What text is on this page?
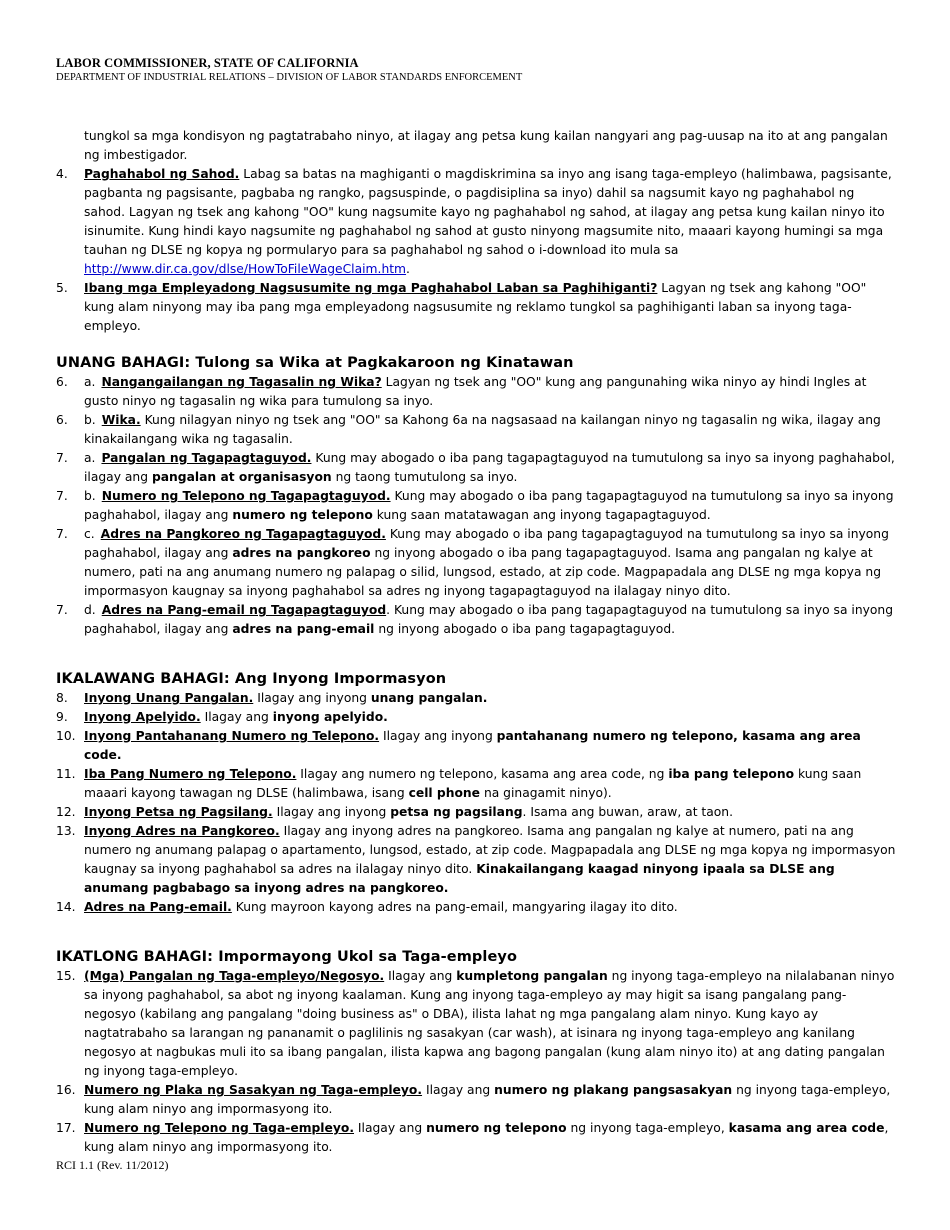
LABOR COMMISSIONER, STATE OF CALIFORNIA
DEPARTMENT OF INDUSTRIAL RELATIONS – DIVISION OF LABOR STANDARDS ENFORCEMENT
tungkol sa mga kondisyon ng pagtatrabaho ninyo, at ilagay ang petsa kung kailan nangyari ang pag-uusap na ito at ang pangalan ng imbestigador.
4.	Paghahabol ng Sahod. Labag sa batas na maghiganti o magdiskrimina sa inyo ang isang taga-empleyo (halimbawa, pagsisante, pagbanta ng pagsisante, pagbaba ng rangko, pagsuspinde, o pagdisiplina sa inyo) dahil sa nagsumit kayo ng paghahabol ng sahod. Lagyan ng tsek ang kahong "OO" kung nagsumite kayo ng paghahabol ng sahod, at ilagay ang petsa kung kailan ninyo ito isinumite. Kung hindi kayo nagsumite ng paghahabol ng sahod at gusto ninyong magsumite nito, maaari kayong humingi sa mga tauhan ng DLSE ng kopya ng pormularyo para sa paghahabol ng sahod o i-download ito mula sa http://www.dir.ca.gov/dlse/HowToFileWageClaim.htm.
5.	Ibang mga Empleyadong Nagsusumite ng mga Paghahabol Laban sa Paghihiganti? Lagyan ng tsek ang kahong "OO" kung alam ninyong may iba pang mga empleyadong nagsusumite ng reklamo tungkol sa paghihiganti laban sa inyong taga-empleyo.
UNANG BAHAGI: Tulong sa Wika at Pagkakaroon ng Kinatawan
6.	a. Nangangailangan ng Tagasalin ng Wika? Lagyan ng tsek ang "OO" kung ang pangunahing wika ninyo ay hindi Ingles at gusto ninyo ng tagasalin ng wika para tumulong sa inyo.
6.	b. Wika. Kung nilagyan ninyo ng tsek ang "OO" sa Kahong 6a na nagsasaad na kailangan ninyo ng tagasalin ng wika, ilagay ang kinakailangang wika ng tagasalin.
7.	a. Pangalan ng Tagapagtaguyod. Kung may abogado o iba pang tagapagtaguyod na tumutulong sa inyo sa inyong paghahabol, ilagay ang pangalan at organisasyon ng taong tumutulong sa inyo.
7.	b. Numero ng Telepono ng Tagapagtaguyod. Kung may abogado o iba pang tagapagtaguyod na tumutulong sa inyo sa inyong paghahabol, ilagay ang numero ng telepono kung saan matatawagan ang inyong tagapagtaguyod.
7.	c. Adres na Pangkoreo ng Tagapagtaguyod. Kung may abogado o iba pang tagapagtaguyod na tumutulong sa inyo sa inyong paghahabol, ilagay ang adres na pangkoreo ng inyong abogado o iba pang tagapagtaguyod. Isama ang pangalan ng kalye at numero, pati na ang anumang numero ng palapag o silid, lungsod, estado, at zip code. Magpapadala ang DLSE ng mga kopya ng impormasyon kaugnay sa inyong paghahabol sa adres ng inyong tagapagtaguyod na ilalagay ninyo dito.
7.	d. Adres na Pang-email ng Tagapagtaguyod. Kung may abogado o iba pang tagapagtaguyod na tumutulong sa inyo sa inyong paghahabol, ilagay ang adres na pang-email ng inyong abogado o iba pang tagapagtaguyod.
IKALAWANG BAHAGI: Ang Inyong Impormasyon
8.	Inyong Unang Pangalan. Ilagay ang inyong unang pangalan.
9.	Inyong Apelyido. Ilagay ang inyong apelyido.
10. Inyong Pantahanang Numero ng Telepono. Ilagay ang inyong pantahanang numero ng telepono, kasama ang area code.
11. Iba Pang Numero ng Telepono. Ilagay ang numero ng telepono, kasama ang area code, ng iba pang telepono kung saan maaari kayong tawagan ng DLSE (halimbawa, isang cell phone na ginagamit ninyo).
12. Inyong Petsa ng Pagsilang. Ilagay ang inyong petsa ng pagsilang. Isama ang buwan, araw, at taon.
13. Inyong Adres na Pangkoreo. Ilagay ang inyong adres na pangkoreo. Isama ang pangalan ng kalye at numero, pati na ang numero ng anumang palapag o apartamento, lungsod, estado, at zip code. Magpapadala ang DLSE ng mga kopya ng impormasyon kaugnay sa inyong paghahabol sa adres na ilalagay ninyo dito. Kinakailangang kaagad ninyong ipaala sa DLSE ang anumang pagbabago sa inyong adres na pangkoreo.
14. Adres na Pang-email. Kung mayroon kayong adres na pang-email, mangyaring ilagay ito dito.
IKATLONG BAHAGI: Impormayong Ukol sa Taga-empleyo
15. (Mga) Pangalan ng Taga-empleyo/Negosyo. Ilagay ang kumpletong pangalan ng inyong taga-empleyo na nilalabanan ninyo sa inyong paghahabol, sa abot ng inyong kaalaman. Kung ang inyong taga-empleyo ay may higit sa isang pangalang pang-negosyo (kabilang ang pangalang "doing business as" o DBA), ilista lahat ng mga pangalang alam ninyo. Kung kayo ay nagtatrabaho sa larangan ng pananamit o paglilinis ng sasakyan (car wash), at isinara ng inyong taga-empleyo ang kanilang negosyo at nagbukas muli ito sa ibang pangalan, ilista kapwa ang bagong pangalan (kung alam ninyo ito) at ang dating pangalan ng inyong taga-empleyo.
16. Numero ng Plaka ng Sasakyan ng Taga-empleyo. Ilagay ang numero ng plakang pangsasakyan ng inyong taga-empleyo, kung alam ninyo ang impormasyong ito.
17. Numero ng Telepono ng Taga-empleyo. Ilagay ang numero ng telepono ng inyong taga-empleyo, kasama ang area code, kung alam ninyo ang impormasyong ito.
RCI 1.1 (Rev. 11/2012)
